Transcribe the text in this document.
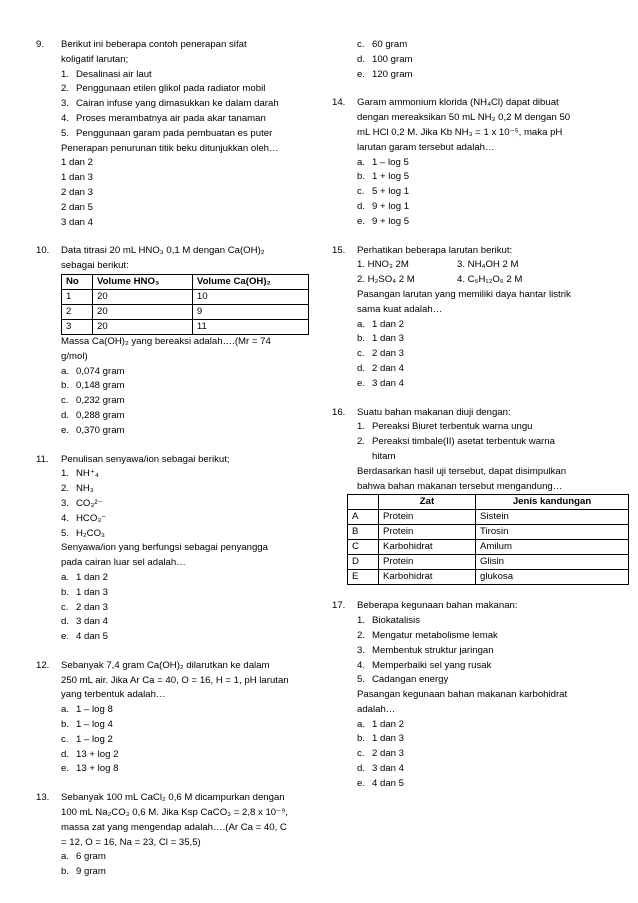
9. Berikut ini beberapa contoh penerapan sifat
koligatif larutan;
1. Desalinasi air laut
2. Penggunaan etilen glikol pada radiator mobil
3. Cairan infuse yang dimasukkan ke dalam darah
4. Proses merambatnya air pada akar tanaman
5. Penggunaan garam pada pembuatan es puter
Penerapan penurunan titik beku ditunjukkan oleh…
1 dan 2
1 dan 3
2 dan 3
2 dan 5
3 dan 4
10. Data titrasi 20 mL HNO₃ 0,1 M dengan Ca(OH)₂
sebagai berikut:
No	Volume HNO₃	Volume Ca(OH)₂
1	20	10
2	20	9
3	20	11
Massa Ca(OH)₂ yang bereaksi adalah….(Mr = 74
g/mol)
a. 0,074 gram
b. 0,148 gram
c. 0,232 gram
d. 0,288 gram
e. 0,370 gram
11. Penulisan senyawa/ion sebagai berikut;
1. NH⁺₄
2. NH₃
3. CO₃²⁻
4. HCO₃⁻
5. H₂CO₃
Senyawa/ion yang berfungsi sebagai penyangga
pada cairan luar sel adalah…
a. 1 dan 2
b. 1 dan 3
c. 2 dan 3
d. 3 dan 4
e. 4 dan 5
12. Sebanyak 7,4 gram Ca(OH)₂ dilarutkan ke dalam
250 mL air. Jika Ar Ca = 40, O = 16, H = 1, pH larutan
yang terbentuk adalah…
a. 1 – log 8
b. 1 – log 4
c. 1 – log 2
d. 13 + log 2
e. 13 + log 8
13. Sebanyak 100 mL CaCl₂ 0,6 M dicampurkan dengan
100 mL Na₂CO₃ 0,6 M. Jika Ksp CaCO₃ = 2,8 x 10⁻⁹,
massa zat yang mengendap adalah….(Ar Ca = 40, C
= 12, O = 16, Na = 23, Cl = 35,5)
a. 6 gram
b. 9 gram
c. 60 gram
d. 100 gram
e. 120 gram
14. Garam ammonium klorida (NH₄Cl) dapat dibuat
dengan mereaksikan 50 mL NH₃ 0,2 M dengan 50
mL HCl 0,2 M. Jika Kb NH₃ = 1 x 10⁻⁵, maka pH
larutan garam tersebut adalah…
a. 1 – log 5
b. 1 + log 5
c. 5 + log 1
d. 9 + log 1
e. 9 + log 5
15. Perhatikan beberapa larutan berikut:
1. HNO₃ 2M	3. NH₄OH 2 M
2. H₂SO₄ 2 M	4. C₆H₁₂O₆ 2 M
Pasangan larutan yang memiliki daya hantar listrik
sama kuat adalah…
a. 1 dan 2
b. 1 dan 3
c. 2 dan 3
d. 2 dan 4
e. 3 dan 4
16. Suatu bahan makanan diuji dengan:
1. Pereaksi Biuret terbentuk warna ungu
2. Pereaksi timbale(II) asetat terbentuk warna
hitam
Berdasarkan hasil uji tersebut, dapat disimpulkan
bahwa bahan makanan tersebut mengandung…
	Zat	Jenis kandungan
A	Protein	Sistein
B	Protein	Tirosin
C	Karbohidrat	Amilum
D	Protein	Glisin
E	Karbohidrat	glukosa
17. Beberapa kegunaan bahan makanan:
1. Biokatalisis
2. Mengatur metabolisme lemak
3. Membentuk struktur jaringan
4. Memperbaiki sel yang rusak
5. Cadangan energy
Pasangan kegunaan bahan makanan karbohidrat
adalah…
a. 1 dan 2
b. 1 dan 3
c. 2 dan 3
d. 3 dan 4
e. 4 dan 5
